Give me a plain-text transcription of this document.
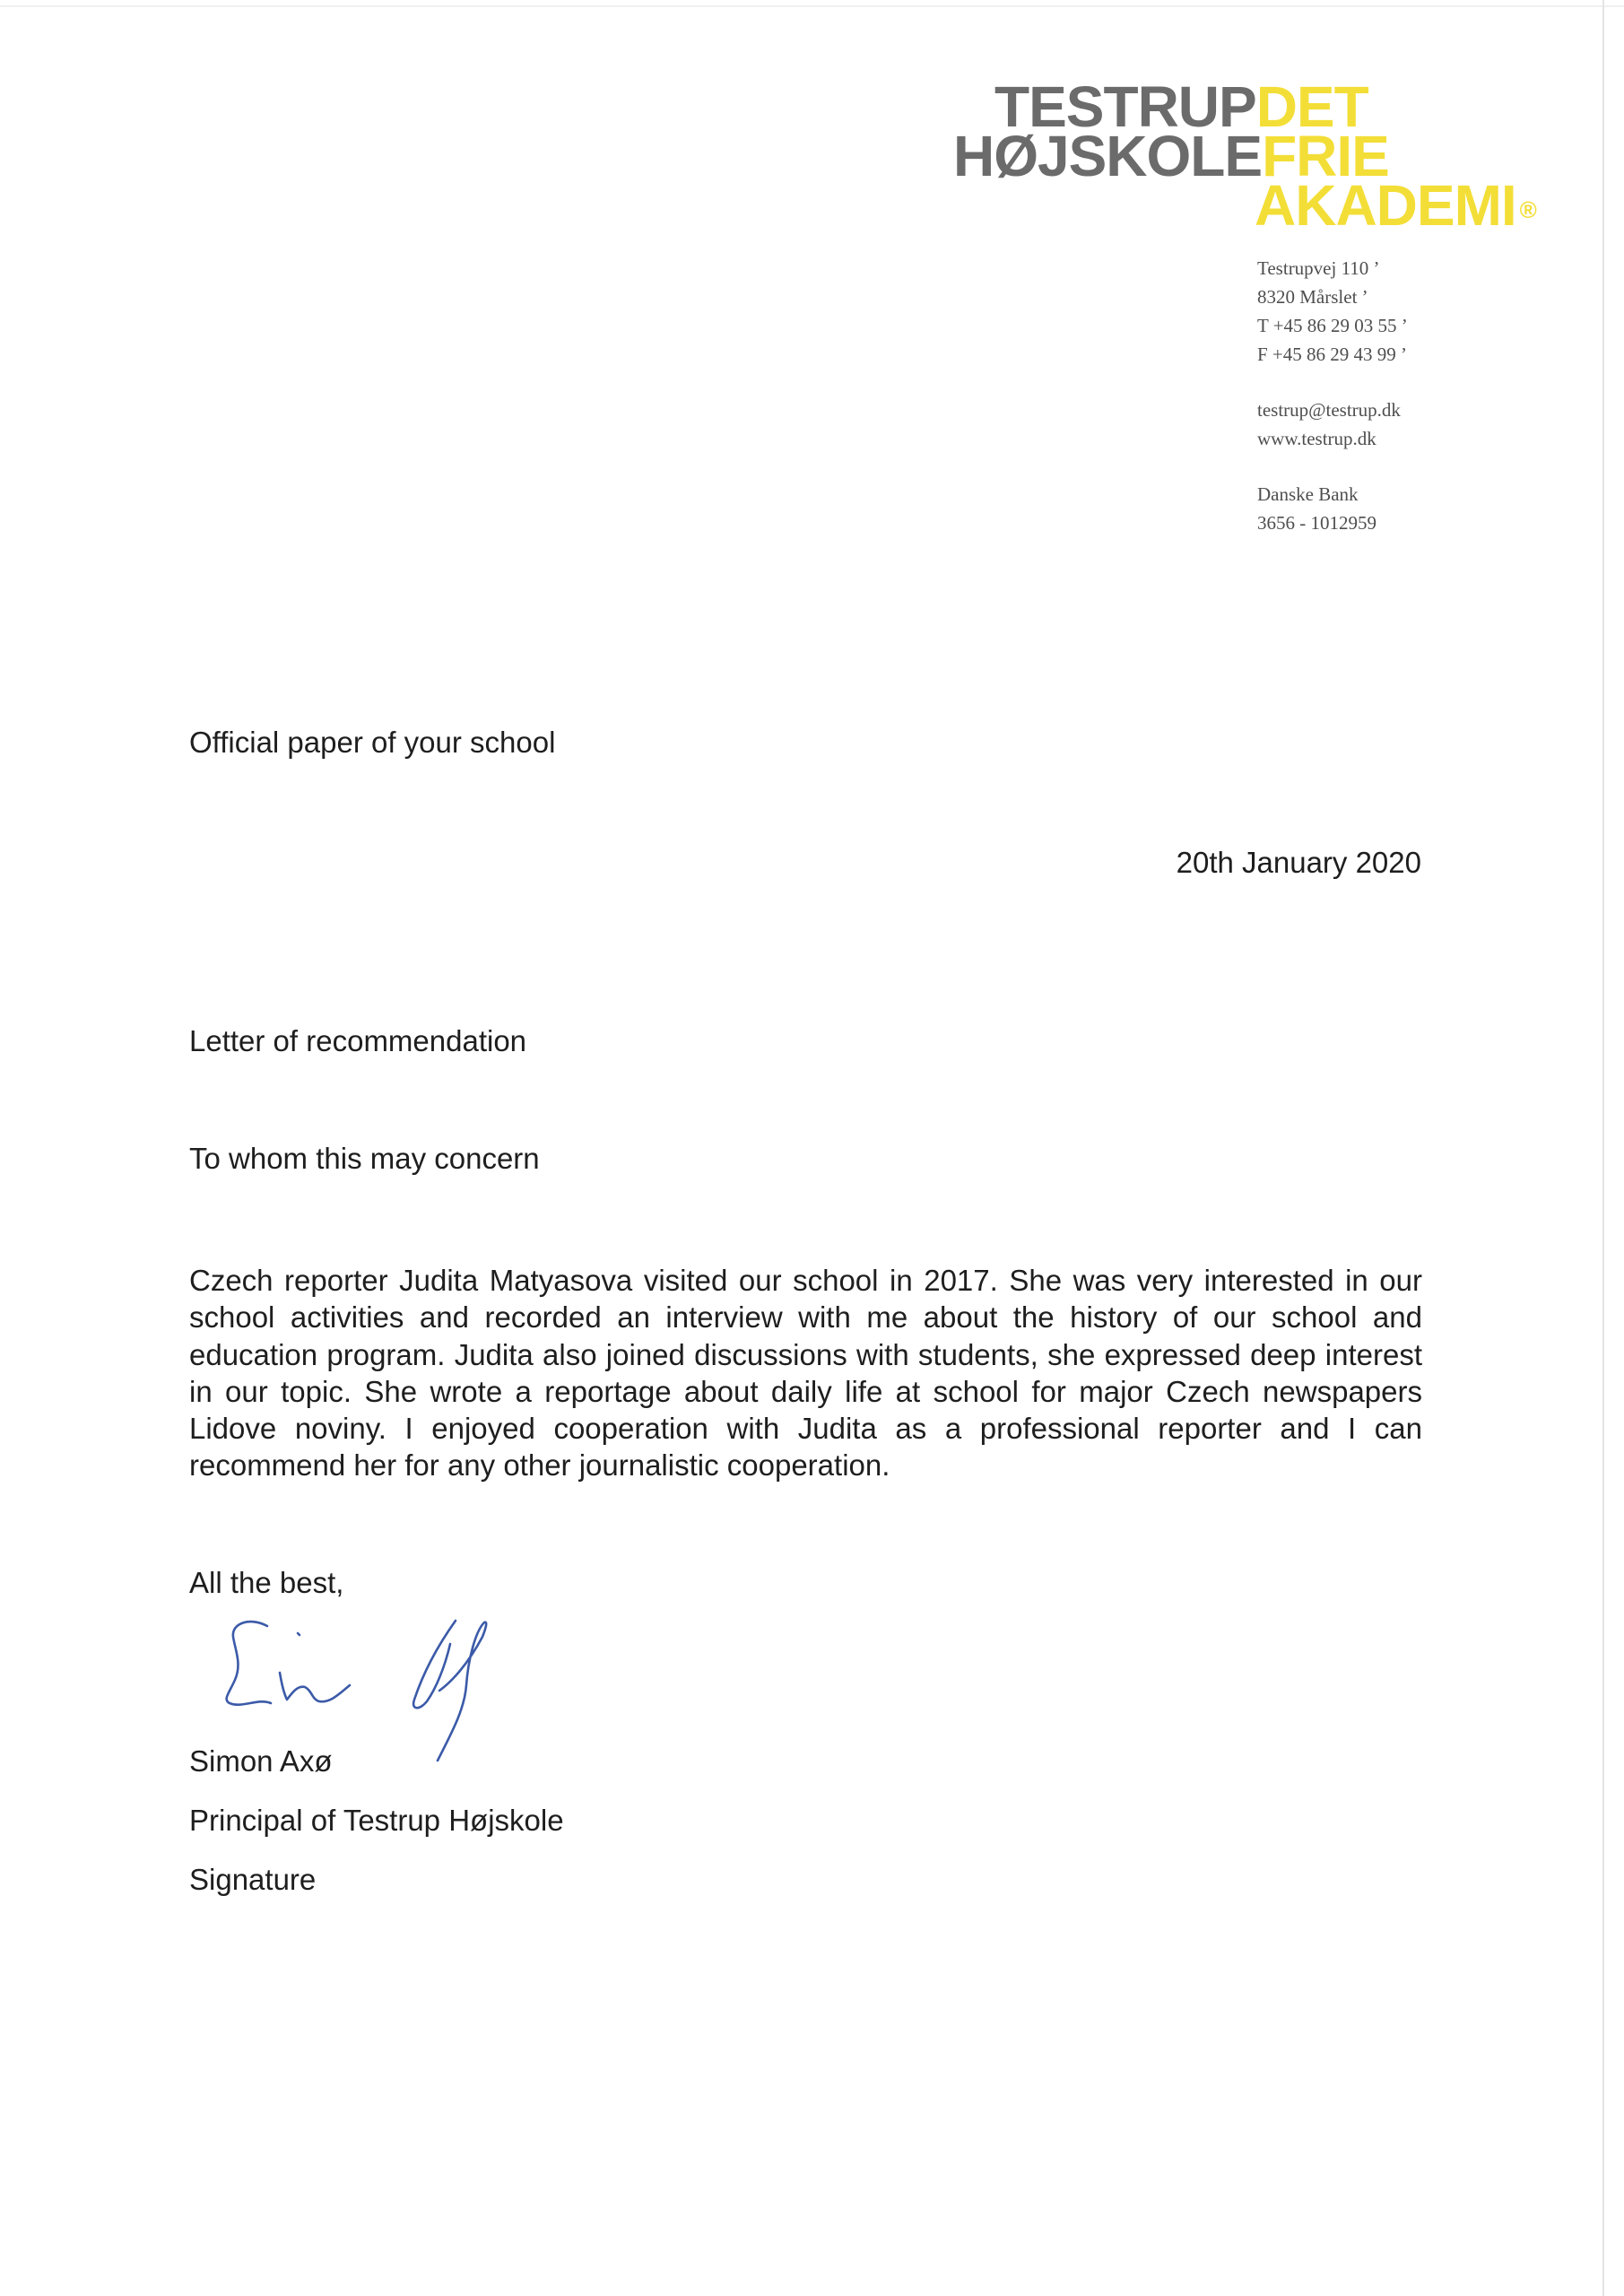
TESTRUPDET
HØJSKOLEFRIE
AKADEMI ®
Testrupvej 110 ’
8320 Mårslet ’
T +45 86 29 03 55 ’
F +45 86 29 43 99 ’
testrup@testrup.dk
www.testrup.dk
Danske Bank
3656 - 1012959
Official paper of your school
20th January 2020
Letter of recommendation
To whom this may concern
Czech reporter Judita Matyasova visited our school in 2017. She was very interested in our
school activities and recorded an interview with me about the history of our school and
education program. Judita also joined discussions with students, she expressed deep interest
in our topic. She wrote a reportage about daily life at school for major Czech newspapers
Lidove noviny. I enjoyed cooperation with Judita as a professional reporter and I can
recommend her for any other journalistic cooperation.
All the best,
Simon Axø
Principal of Testrup Højskole
Signature
